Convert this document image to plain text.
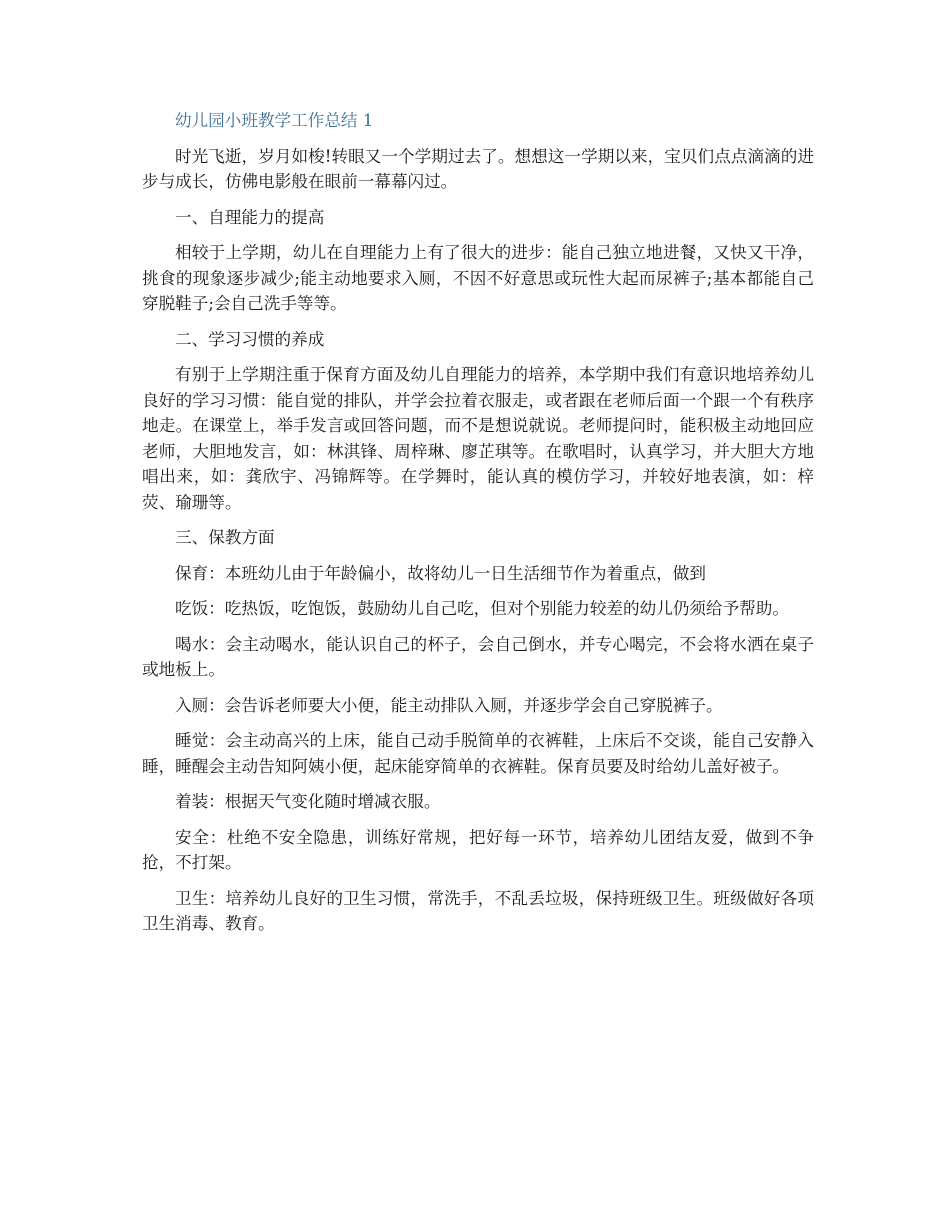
幼儿园小班教学工作总结 1

时光飞逝，岁月如梭!转眼又一个学期过去了。想想这一学期以来，宝贝们点点滴滴的进步与成长，仿佛电影般在眼前一幕幕闪过。

一、自理能力的提高

相较于上学期，幼儿在自理能力上有了很大的进步：能自己独立地进餐，又快又干净，挑食的现象逐步减少;能主动地要求入厕，不因不好意思或玩性大起而尿裤子;基本都能自己穿脱鞋子;会自己洗手等等。

二、学习习惯的养成

有别于上学期注重于保育方面及幼儿自理能力的培养，本学期中我们有意识地培养幼儿良好的学习习惯：能自觉的排队，并学会拉着衣服走，或者跟在老师后面一个跟一个有秩序地走。在课堂上，举手发言或回答问题，而不是想说就说。老师提问时，能积极主动地回应老师，大胆地发言，如：林淇锋、周梓琳、廖芷琪等。在歌唱时，认真学习，并大胆大方地唱出来，如：龚欣宇、冯锦辉等。在学舞时，能认真的模仿学习，并较好地表演，如：梓荧、瑜珊等。

三、保教方面

保育：本班幼儿由于年龄偏小，故将幼儿一日生活细节作为着重点，做到

吃饭：吃热饭，吃饱饭，鼓励幼儿自己吃，但对个别能力较差的幼儿仍须给予帮助。

喝水：会主动喝水，能认识自己的杯子，会自己倒水，并专心喝完，不会将水洒在桌子或地板上。

入厕：会告诉老师要大小便，能主动排队入厕，并逐步学会自己穿脱裤子。

睡觉：会主动高兴的上床，能自己动手脱简单的衣裤鞋，上床后不交谈，能自己安静入睡，睡醒会主动告知阿姨小便，起床能穿简单的衣裤鞋。保育员要及时给幼儿盖好被子。

着装：根据天气变化随时增减衣服。

安全：杜绝不安全隐患，训练好常规，把好每一环节，培养幼儿团结友爱，做到不争抢，不打架。

卫生：培养幼儿良好的卫生习惯，常洗手，不乱丢垃圾，保持班级卫生。班级做好各项卫生消毒、教育。
